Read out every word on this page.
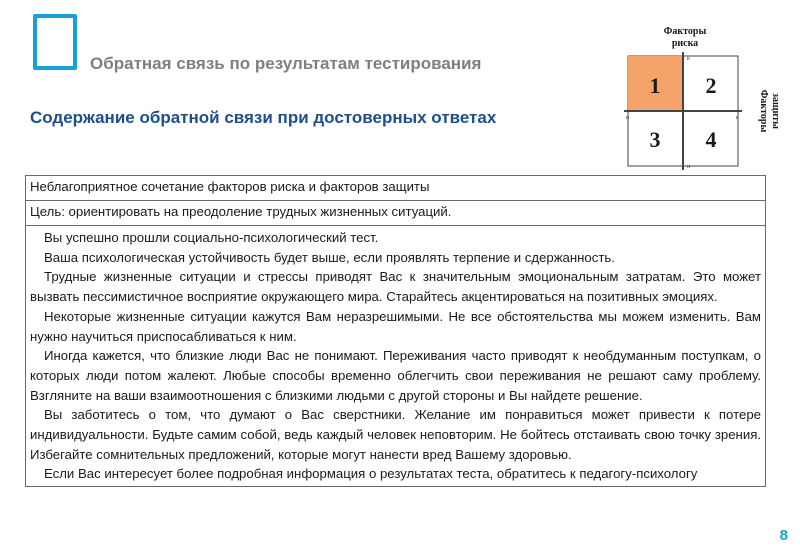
Обратная связь по результатам тестирования
Содержание обратной связи при достоверных ответах
Факторы
риска
в
н
н
в
1 2
3 4
Факторы защиты
Неблагоприятное сочетание факторов риска и факторов защиты
Цель: ориентировать на преодоление трудных жизненных ситуаций.

Вы успешно прошли социально-психологический тест.

Ваша психологическая устойчивость будет выше, если проявлять терпение и сдержанность.

Трудные жизненные ситуации и стрессы приводят Вас к значительным эмоциональным затратам. Это может вызвать пессимистичное восприятие окружающего мира. Старайтесь акцентироваться на позитивных эмоциях.

Некоторые жизненные ситуации кажутся Вам неразрешимыми. Не все обстоятельства мы можем изменить. Вам нужно научиться приспосабливаться к ним.

Иногда кажется, что близкие люди Вас не понимают. Переживания часто приводят к необдуманным поступкам, о которых люди потом жалеют. Любые способы временно облегчить свои переживания не решают саму проблему. Взгляните на ваши взаимоотношения с близкими людьми с другой стороны и Вы найдете решение.

Вы заботитесь о том, что думают о Вас сверстники. Желание им понравиться может привести к потере индивидуальности. Будьте самим собой, ведь каждый человек неповторим. Не бойтесь отстаивать свою точку зрения. Избегайте сомнительных предложений, которые могут нанести вред Вашему здоровью.

Если Вас интересует более подробная информация о результатах теста, обратитесь к педагогу-психологу

8
